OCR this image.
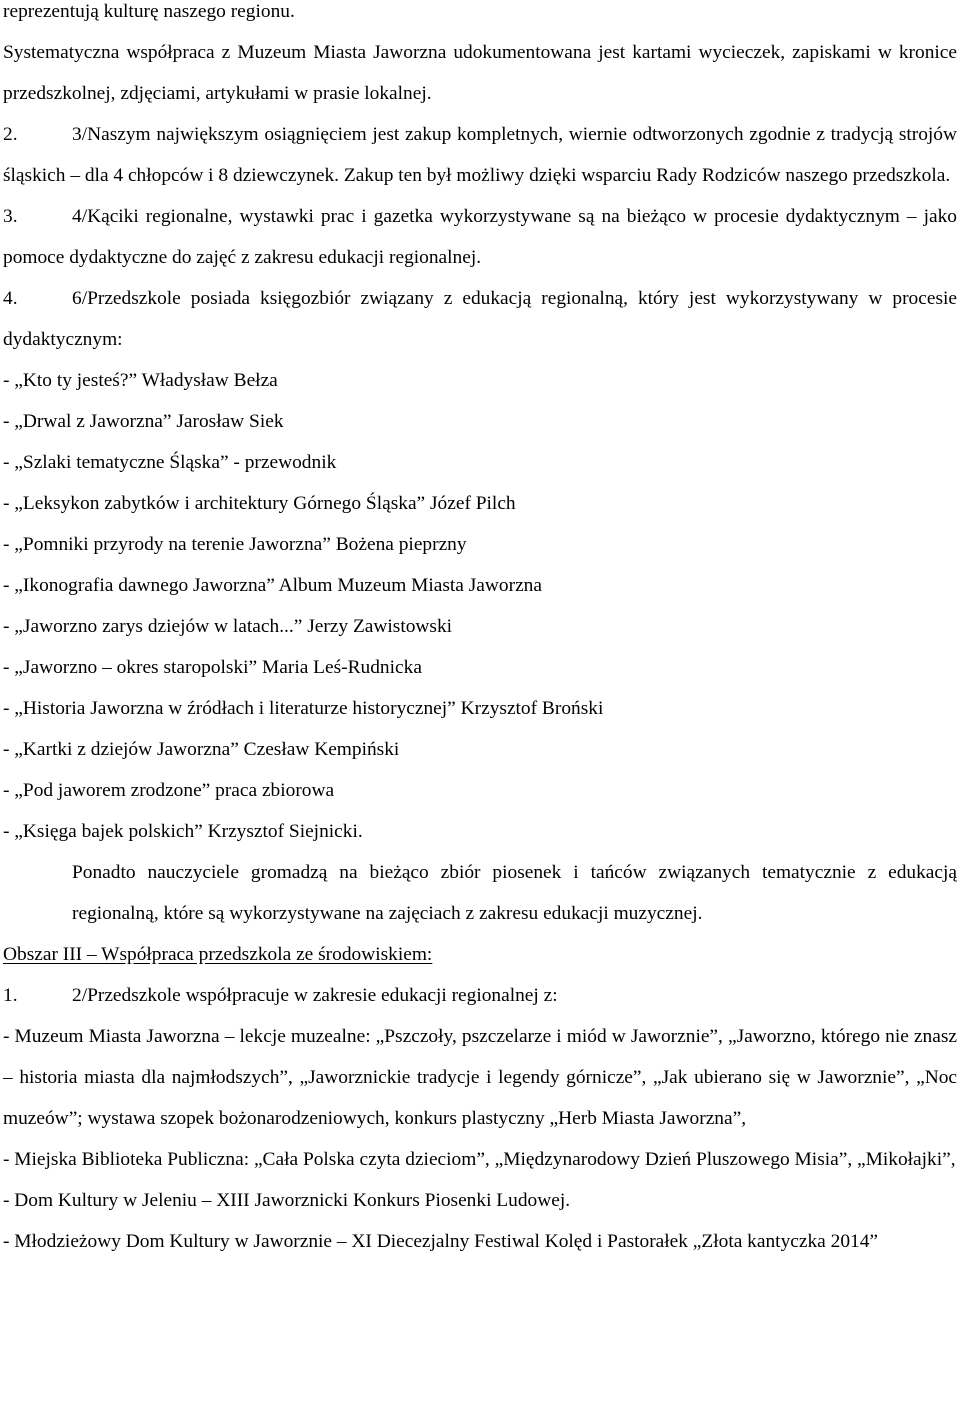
reprezentują kulturę naszego regionu.

Systematyczna współpraca z Muzeum Miasta Jaworzna udokumentowana jest kartami wycieczek, zapiskami w kronice przedszkolnej, zdjęciami, artykułami w prasie lokalnej.

2.	3/Naszym największym osiągnięciem jest zakup kompletnych, wiernie odtworzonych zgodnie z tradycją strojów śląskich – dla 4 chłopców i 8 dziewczynek. Zakup ten był możliwy dzięki wsparciu Rady Rodziców naszego przedszkola.

3.	4/Kąciki regionalne, wystawki prac i gazetka wykorzystywane są na bieżąco w procesie dydaktycznym – jako pomoce dydaktyczne do zajęć z zakresu edukacji regionalnej.

4.	6/Przedszkole posiada księgozbiór związany z edukacją regionalną, który jest wykorzystywany w procesie dydaktycznym:

- „Kto ty jesteś?” Władysław Bełza

- „Drwal z Jaworzna” Jarosław Siek

- „Szlaki tematyczne Śląska” - przewodnik

- „Leksykon zabytków i architektury Górnego Śląska” Józef Pilch

- „Pomniki przyrody na terenie Jaworzna” Bożena pieprzny

- „Ikonografia dawnego Jaworzna” Album Muzeum Miasta Jaworzna

- „Jaworzno zarys dziejów w latach...” Jerzy Zawistowski

- „Jaworzno – okres staropolski” Maria Leś-Rudnicka

- „Historia Jaworzna w źródłach i literaturze historycznej” Krzysztof Broński

- „Kartki z dziejów Jaworzna” Czesław Kempiński

- „Pod jaworem zrodzone” praca zbiorowa

- „Księga bajek polskich” Krzysztof Siejnicki.

Ponadto nauczyciele gromadzą na bieżąco zbiór piosenek i tańców związanych tematycznie z edukacją regionalną, które są wykorzystywane na zajęciach z zakresu edukacji muzycznej.

Obszar III – Współpraca przedszkola ze środowiskiem:

1.	2/Przedszkole współpracuje w zakresie edukacji regionalnej z:

- Muzeum Miasta Jaworzna – lekcje muzealne: „Pszczoły, pszczelarze i miód w Jaworznie”, „Jaworzno, którego nie znasz – historia miasta dla najmłodszych”, „Jaworznickie tradycje i legendy górnicze”, „Jak ubierano się w Jaworznie”, „Noc muzeów”; wystawa szopek bożonarodzeniowych, konkurs plastyczny „Herb Miasta Jaworzna”,

- Miejska Biblioteka Publiczna: „Cała Polska czyta dzieciom”, „Międzynarodowy Dzień Pluszowego Misia”, „Mikołajki”,

- Dom Kultury w Jeleniu – XIII Jaworznicki Konkurs Piosenki Ludowej.

- Młodzieżowy Dom Kultury w Jaworznie – XI Diecezjalny Festiwal Kolęd i Pastorałek „Złota kantyczka 2014”
